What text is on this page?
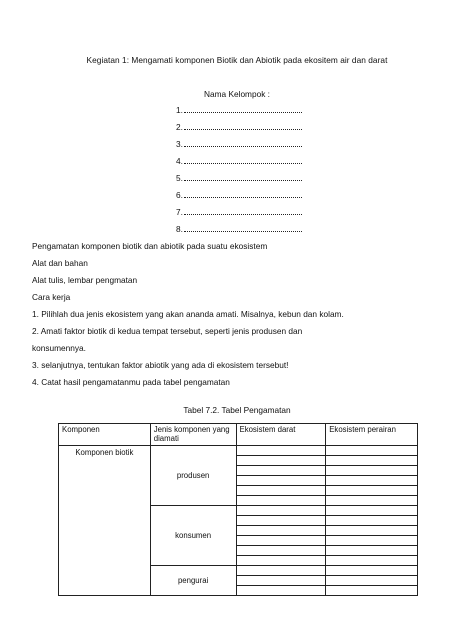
Kegiatan 1: Mengamati komponen Biotik dan Abiotik pada ekositem air dan darat
Nama Kelompok :
1.
2.
3.
4.
5.
6.
7.
8.
Pengamatan komponen biotik dan abiotik pada suatu ekosistem
Alat dan bahan
Alat tulis, lembar pengmatan
Cara kerja
1. Pilihlah dua jenis ekosistem yang akan ananda amati. Misalnya, kebun dan kolam.
2. Amati faktor biotik di kedua tempat tersebut, seperti jenis produsen dan
konsumennya.
3. selanjutnya, tentukan faktor abiotik yang ada di ekosistem tersebut!
4. Catat hasil pengamatanmu pada tabel pengamatan
Tabel 7.2. Tabel Pengamatan
Komponen	Jenis komponen yang diamati	Ekosistem darat	Ekosistem perairan
Komponen biotik	produsen		

	konsumen		

	pengurai		
